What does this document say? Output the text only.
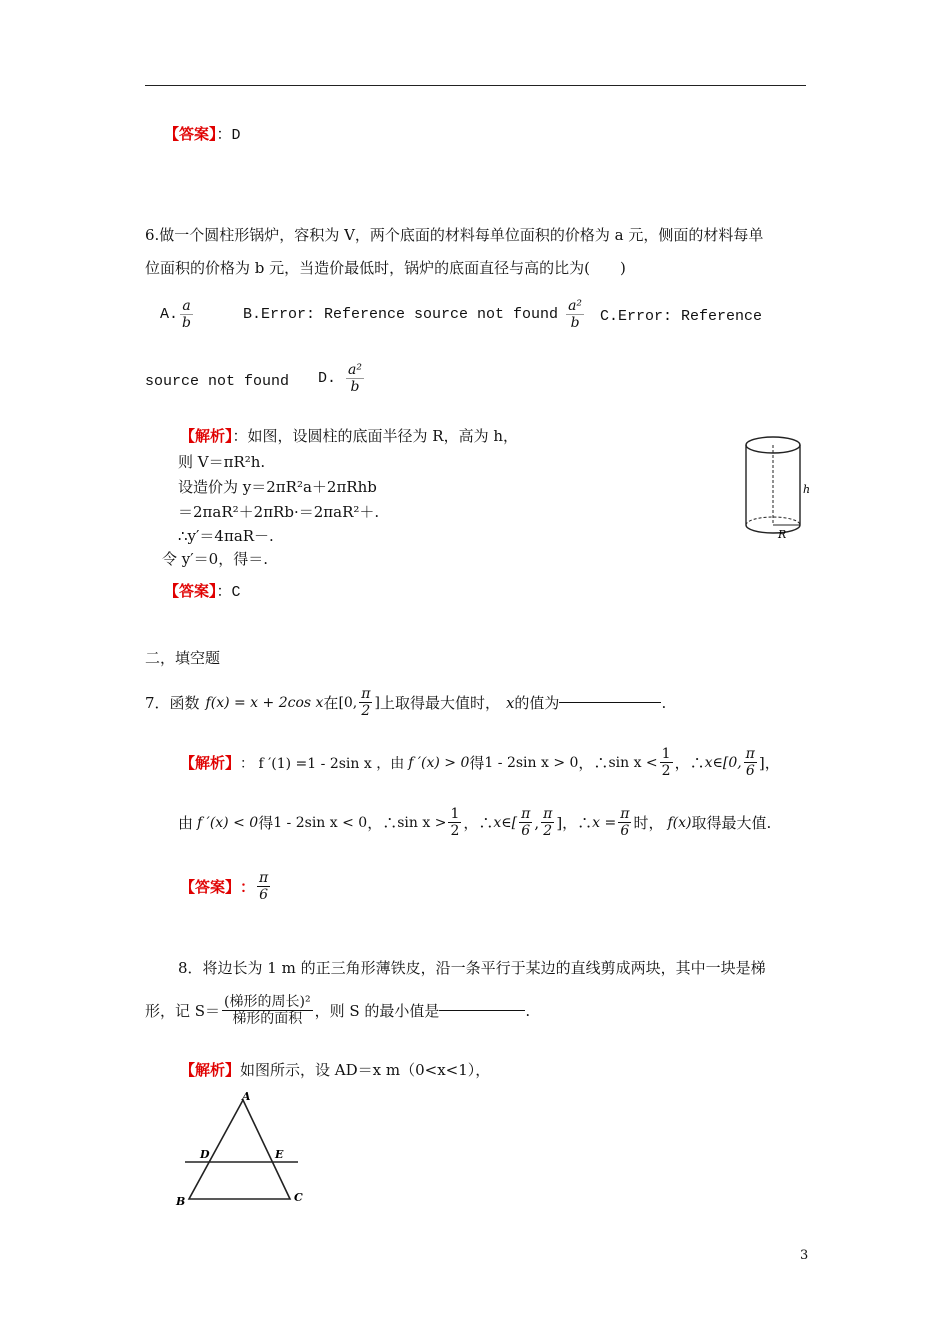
【答案】：D
6.做一个圆柱形锅炉，容积为 V，两个底面的材料每单位面积的价格为 a 元，侧面的材料每单
位面积的价格为 b 元，当造价最低时，锅炉的底面直径与高的比为(　　)
A. $\frac{a}{b}$	B.Error: Reference source not found $\frac{\text{a²}}{b}$ C.Error: Reference
source not found D. $\frac{\text{a²}}{b}$
【解析】：如图，设圆柱的底面半径为 R，高为 h，
则 V＝πR²h.
设造价为 y＝2πR²a＋2πRhb
＝2πaR²＋2πRb·＝2πaR²＋.
∴y′＝4πaR－.
令 y′＝0，得＝.
h
R
【答案】：C
二，填空题
7．函数 f(x) = x + 2cos x 在 [0, $\frac{\pi}{2}$ ] 上取得最大值时， x 的值为	.
【解析】 ： f ′(1) =1 - 2sin x ，由 f ′(x) > 0 得 1 - 2sin x > 0 ，∴ $\sin x < \frac{1}{2}$ ，∴ x∈[0, $\frac{\pi}{6}$ ]，
由 f ′(x) < 0 得 1 - 2sin x < 0 ，∴ $\sin x > \frac{1}{2}$ ，∴ x∈[ $\frac{\pi}{6}$ , $\frac{\pi}{2}$ ]，∴ $x = \frac{\pi}{6}$ 时， f(x) 取得最大值.
【答案】 ： $\frac{\pi}{6}$
8．将边长为 1 m 的正三角形薄铁皮，沿一条平行于某边的直线剪成两块，其中一块是梯
形，记 $S= \frac{\text{(梯形的周长)²}}{\text{梯形的面积}}$ ，则 S 的最小值是	.
【解析】如图所示，设 AD＝x m（0<x<1），
A
D	E
B	C
3
